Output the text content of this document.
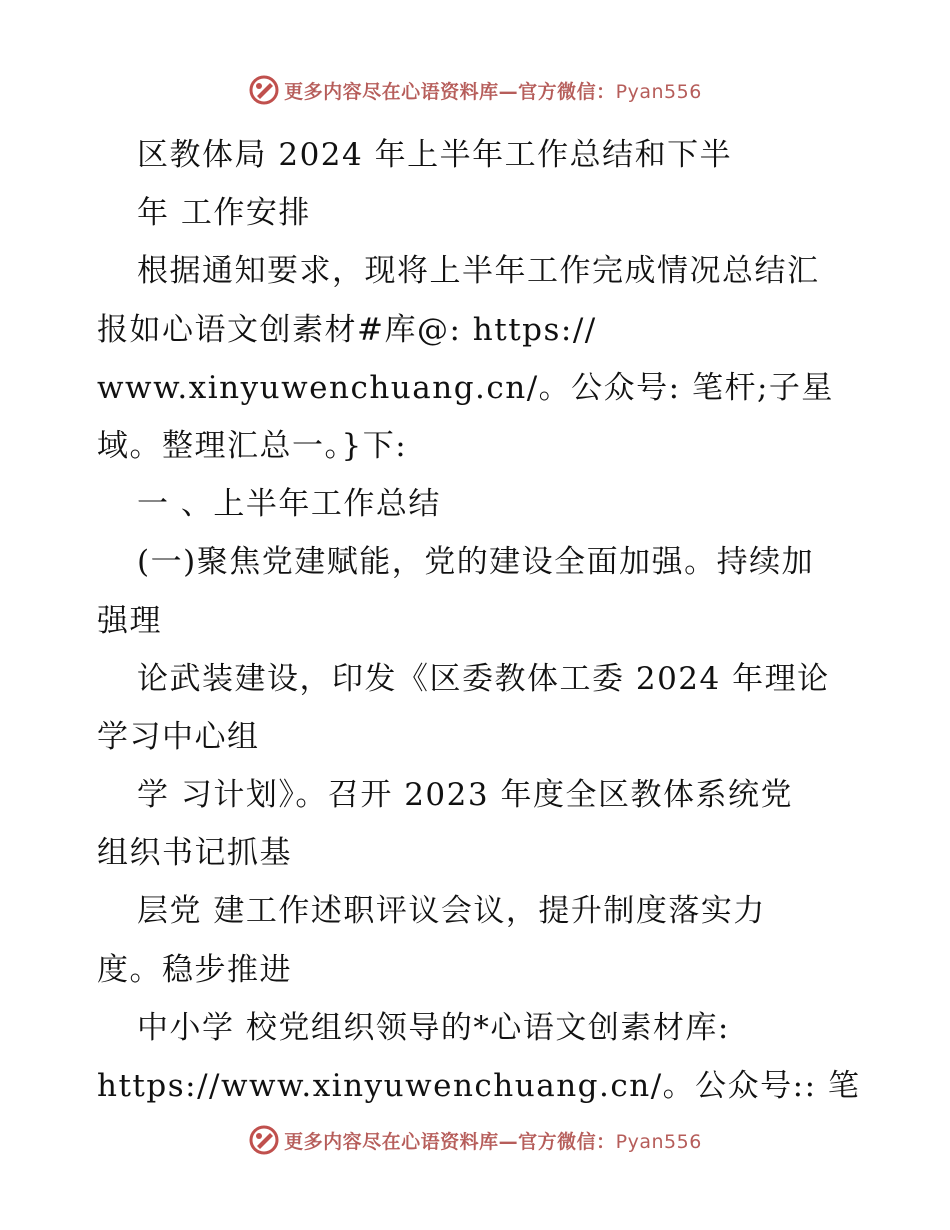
更多内容尽在心语资料库—官方微信：Pyan556
区教体局 2024 年上半年工作总结和下半
年 工作安排
根据通知要求，现将上半年工作完成情况总结汇
报如心语文创素材#库@: https://
www.xinyuwenchuang.cn/。公众号: 笔杆;子星
域。整理汇总一。}下:
一 、上半年工作总结
(一)聚焦党建赋能，党的建设全面加强。持续加
强理
论武装建设，印发《区委教体工委 2024 年理论
学习中心组
学 习计划》。召开 2023 年度全区教体系统党
组织书记抓基
层党 建工作述职评议会议，提升制度落实力
度。稳步推进
中小学 校党组织领导的*心语文创素材库:
https://www.xinyuwenchuang.cn/。公众号:: 笔
更多内容尽在心语资料库—官方微信：Pyan556
